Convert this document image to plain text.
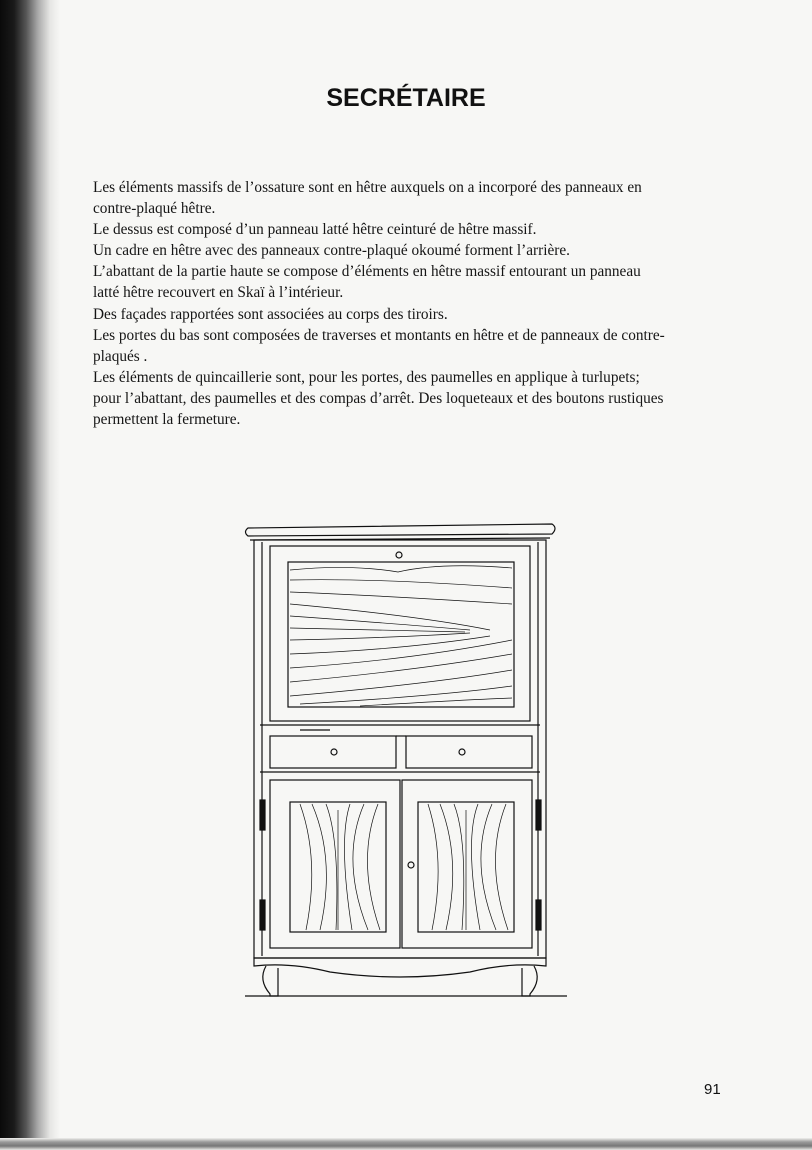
SECRÉTAIRE
Les éléments massifs de l’ossature sont en hêtre auxquels on a incorporé des panneaux en
contre-plaqué hêtre.
Le dessus est composé d’un panneau latté hêtre ceinturé de hêtre massif.
Un cadre en hêtre avec des panneaux contre-plaqué okoumé forment l’arrière.
L’abattant de la partie haute se compose d’éléments en hêtre massif entourant un panneau
latté hêtre recouvert en Skaï à l’intérieur.
Des façades rapportées sont associées au corps des tiroirs.
Les portes du bas sont composées de traverses et montants en hêtre et de panneaux de contre-
plaqués .
Les éléments de quincaillerie sont, pour les portes, des paumelles en applique à turlupets;
pour l’abattant, des paumelles et des compas d’arrêt. Des loqueteaux et des boutons rustiques
permettent la fermeture.
91
